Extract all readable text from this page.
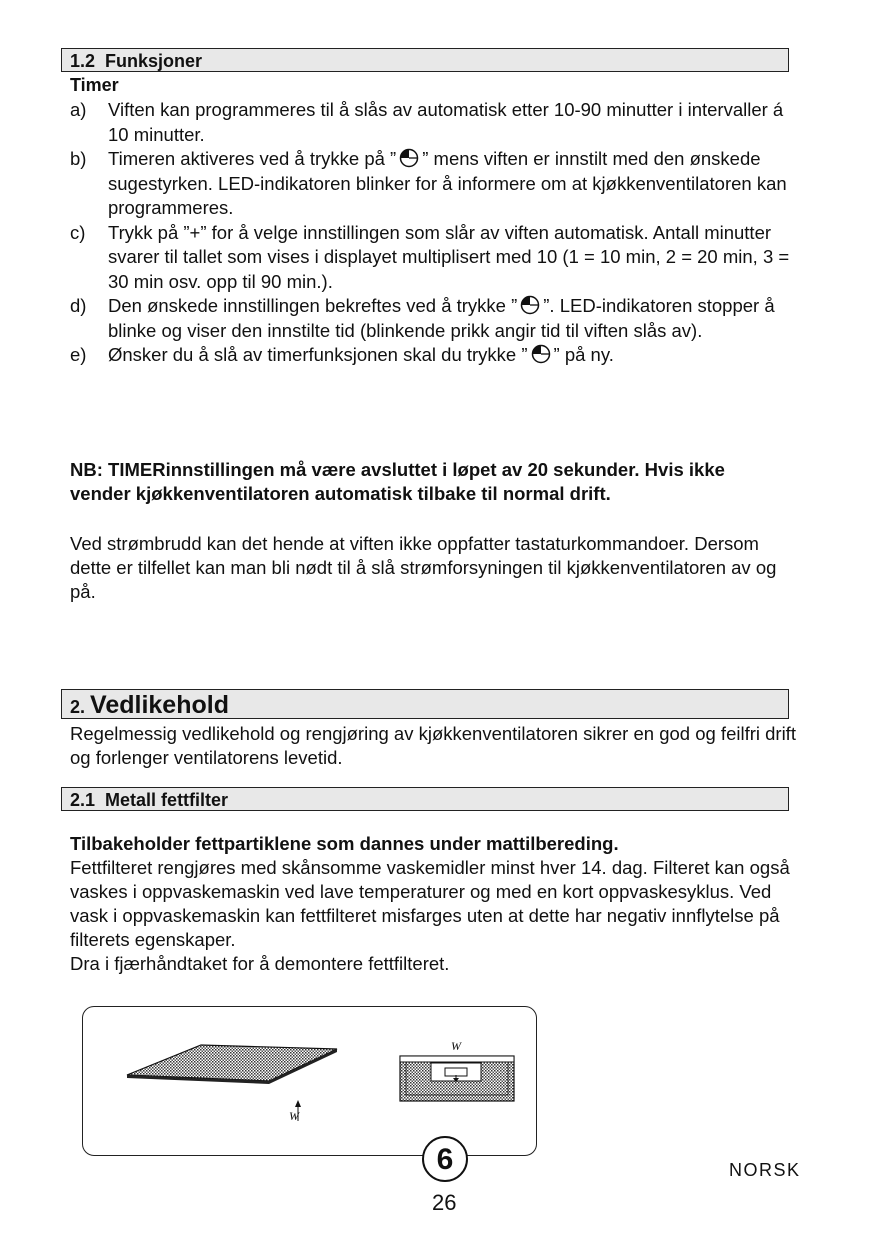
1.2 Funksjoner
Timer
a) Viften kan programmeres til å slås av automatisk etter 10-90 minutter i intervaller á 10 minutter.
b) Timeren aktiveres ved å trykke på ” ” mens viften er innstilt med den ønskede sugestyrken. LED-indikatoren blinker for å informere om at kjøkkenventilatoren kan programmeres.
c) Trykk på ”+” for å velge innstillingen som slår av viften automatisk. Antall minutter svarer til tallet som vises i displayet multiplisert med 10 (1 = 10 min, 2 = 20 min, 3 = 30 min osv. opp til 90 min.).
d) Den ønskede innstillingen bekreftes ved å trykke ” ”. LED-indikatoren stopper å blinke og viser den innstilte tid (blinkende prikk angir tid til viften slås av).
e) Ønsker du å slå av timerfunksjonen skal du trykke ” ” på ny.

NB: TIMERinnstillingen må være avsluttet i løpet av 20 sekunder. Hvis ikke vender kjøkkenventilatoren automatisk tilbake til normal drift.

Ved strømbrudd kan det hende at viften ikke oppfatter tastaturkommandoer. Dersom dette er tilfellet kan man bli nødt til å slå strømforsyningen til kjøkkenventilatoren av og på.

2. Vedlikehold

Regelmessig vedlikehold og rengjøring av kjøkkenventilatoren sikrer en god og feilfri drift og forlenger ventilatorens levetid.

2.1 Metall fettfilter

Tilbakeholder fettpartiklene som dannes under mattilbereding.

Fettfilteret rengjøres med skånsomme vaskemidler minst hver 14. dag. Filteret kan også vaskes i oppvaskemaskin ved lave temperaturer og med en kort oppvaskesyklus. Ved vask i oppvaskemaskin kan fettfilteret misfarges uten at dette har negativ innflytelse på filterets egenskaper.

Dra i fjærhåndtaket for å demontere fettfilteret.

W
W
6	NORSK
26
